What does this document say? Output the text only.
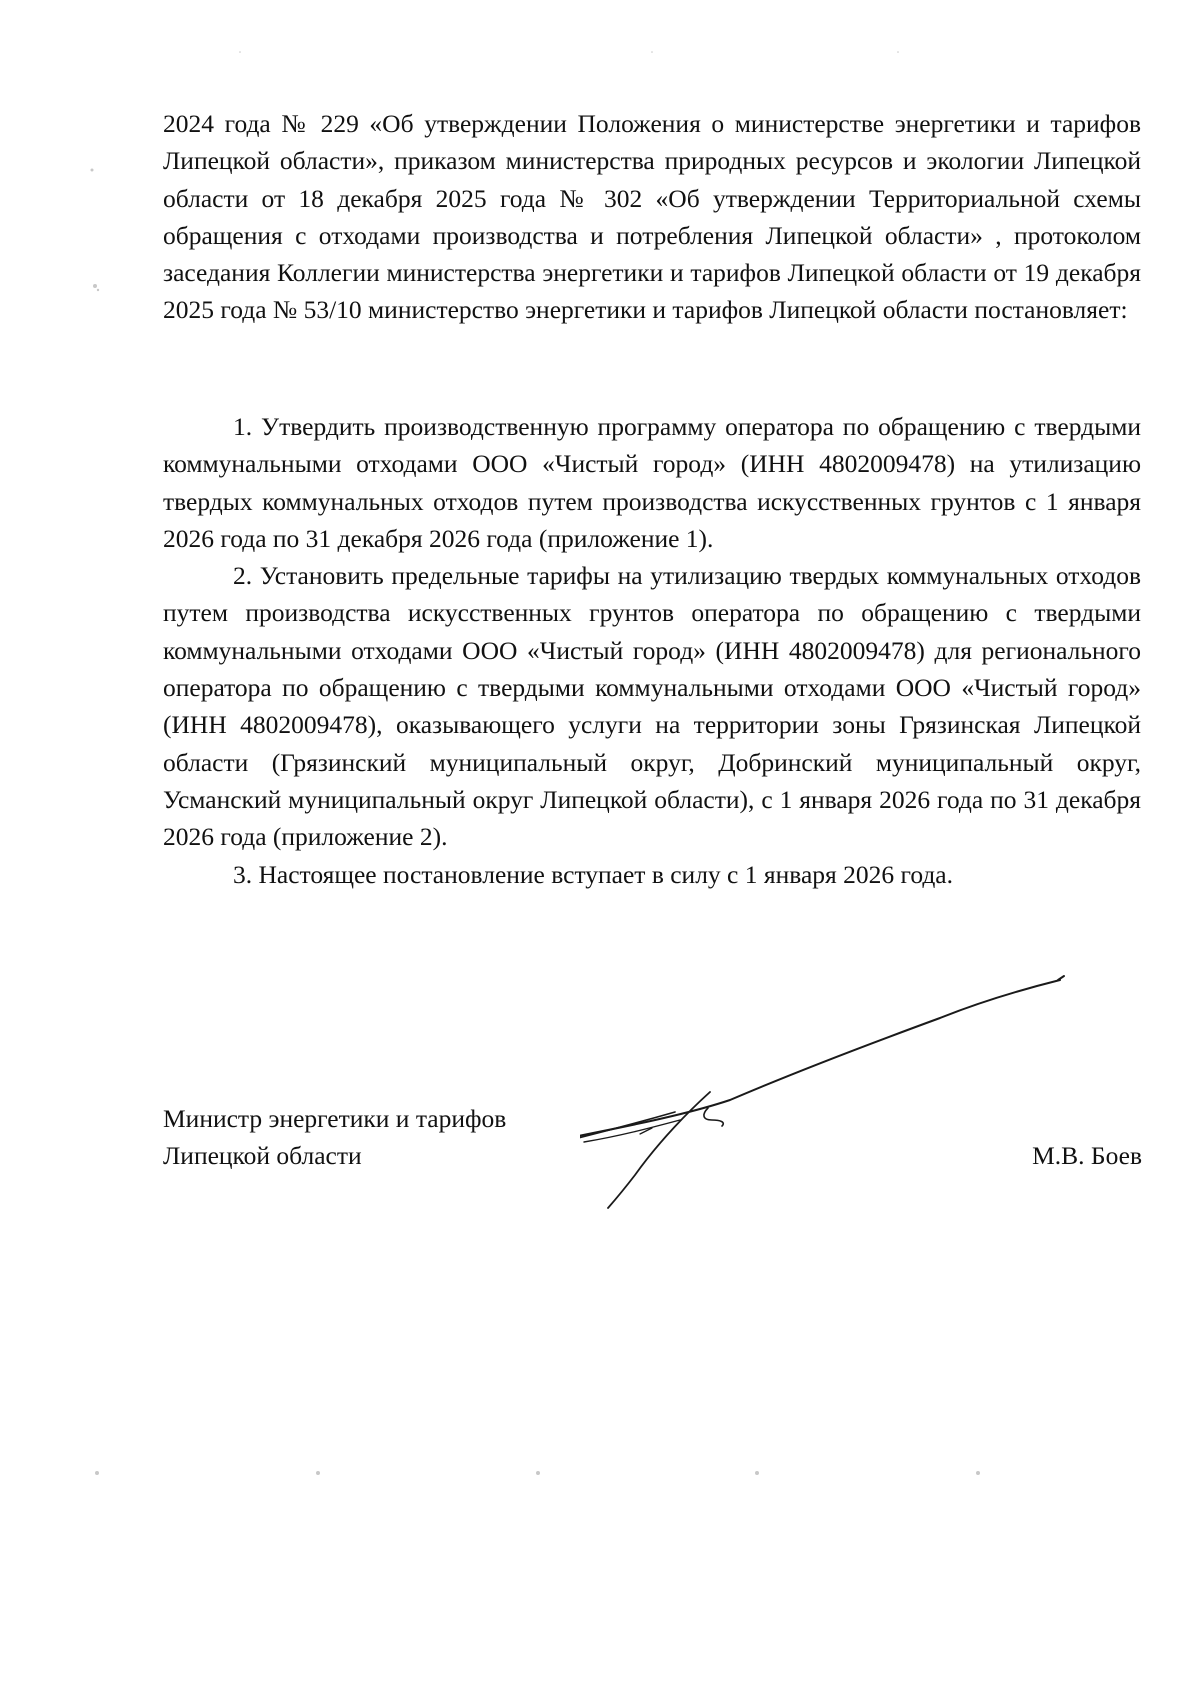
2024 года № 229 «Об утверждении Положения о министерстве энергетики и тарифов Липецкой области», приказом министерства природных ресурсов и экологии Липецкой области от 18 декабря 2025 года № 302 «Об утверждении Территориальной схемы обращения с отходами производства и потребления Липецкой области» , протоколом заседания Коллегии министерства энергетики и тарифов Липецкой области от 19 декабря 2025 года № 53/10 министерство энергетики и тарифов Липецкой области постановляет:

1. Утвердить производственную программу оператора по обращению с твердыми коммунальными отходами ООО «Чистый город» (ИНН 4802009478) на утилизацию твердых коммунальных отходов путем производства искусственных грунтов с 1 января 2026 года по 31 декабря 2026 года (приложение 1).

2. Установить предельные тарифы на утилизацию твердых коммунальных отходов путем производства искусственных грунтов оператора по обращению с твердыми коммунальными отходами ООО «Чистый город» (ИНН 4802009478) для регионального оператора по обращению с твердыми коммунальными отходами ООО «Чистый город» (ИНН 4802009478), оказывающего услуги на территории зоны Грязинская Липецкой области (Грязинский муниципальный округ, Добринский муниципальный округ, Усманский муниципальный округ Липецкой области), с 1 января 2026 года по 31 декабря 2026 года (приложение 2).

3. Настоящее постановление вступает в силу с 1 января 2026 года.

Министр энергетики и тарифов
Липецкой области	М.В. Боев
